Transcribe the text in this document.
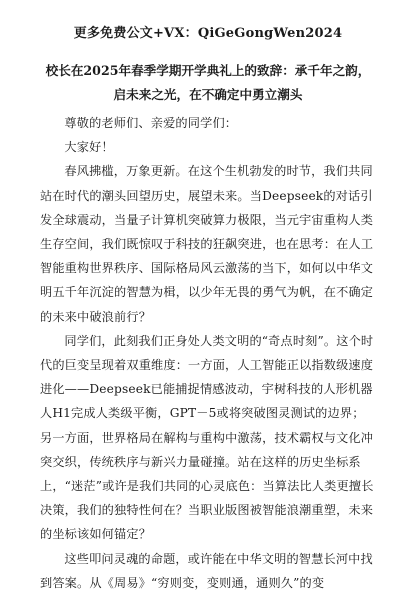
更多免费公文+VX：QiGeGongWen2024
校长在2025年春季学期开学典礼上的致辞：承千年之韵，
启未来之光，在不确定中勇立潮头

尊敬的老师们、亲爱的同学们：

大家好！

春风拂槛，万象更新。在这个生机勃发的时节，我们共同站在时代的潮头回望历史，展望未来。当Deepseek的对话引发全球震动，当量子计算机突破算力极限，当元宇宙重构人类生存空间，我们既惊叹于科技的狂飙突进，也在思考：在人工智能重构世界秩序、国际格局风云激荡的当下，如何以中华文明五千年沉淀的智慧为楫，以少年无畏的勇气为帆，在不确定的未来中破浪前行？

同学们，此刻我们正身处人类文明的“奇点时刻”。这个时代的巨变呈现着双重维度：一方面，人工智能正以指数级速度进化——Deepseek已能捕捉情感波动，宇树科技的人形机器人H1完成人类级平衡，GPT－5或将突破图灵测试的边界；另一方面，世界格局在解构与重构中激荡，技术霸权与文化冲突交织，传统秩序与新兴力量碰撞。站在这样的历史坐标系上，“迷茫”或许是我们共同的心灵底色：当算法比人类更擅长决策，我们的独特性何在？当职业版图被智能浪潮重塑，未来的坐标该如何锚定？

这些叩问灵魂的命题，或许能在中华文明的智慧长河中找到答案。从《周易》“穷则变，变则通，通则久”的变
